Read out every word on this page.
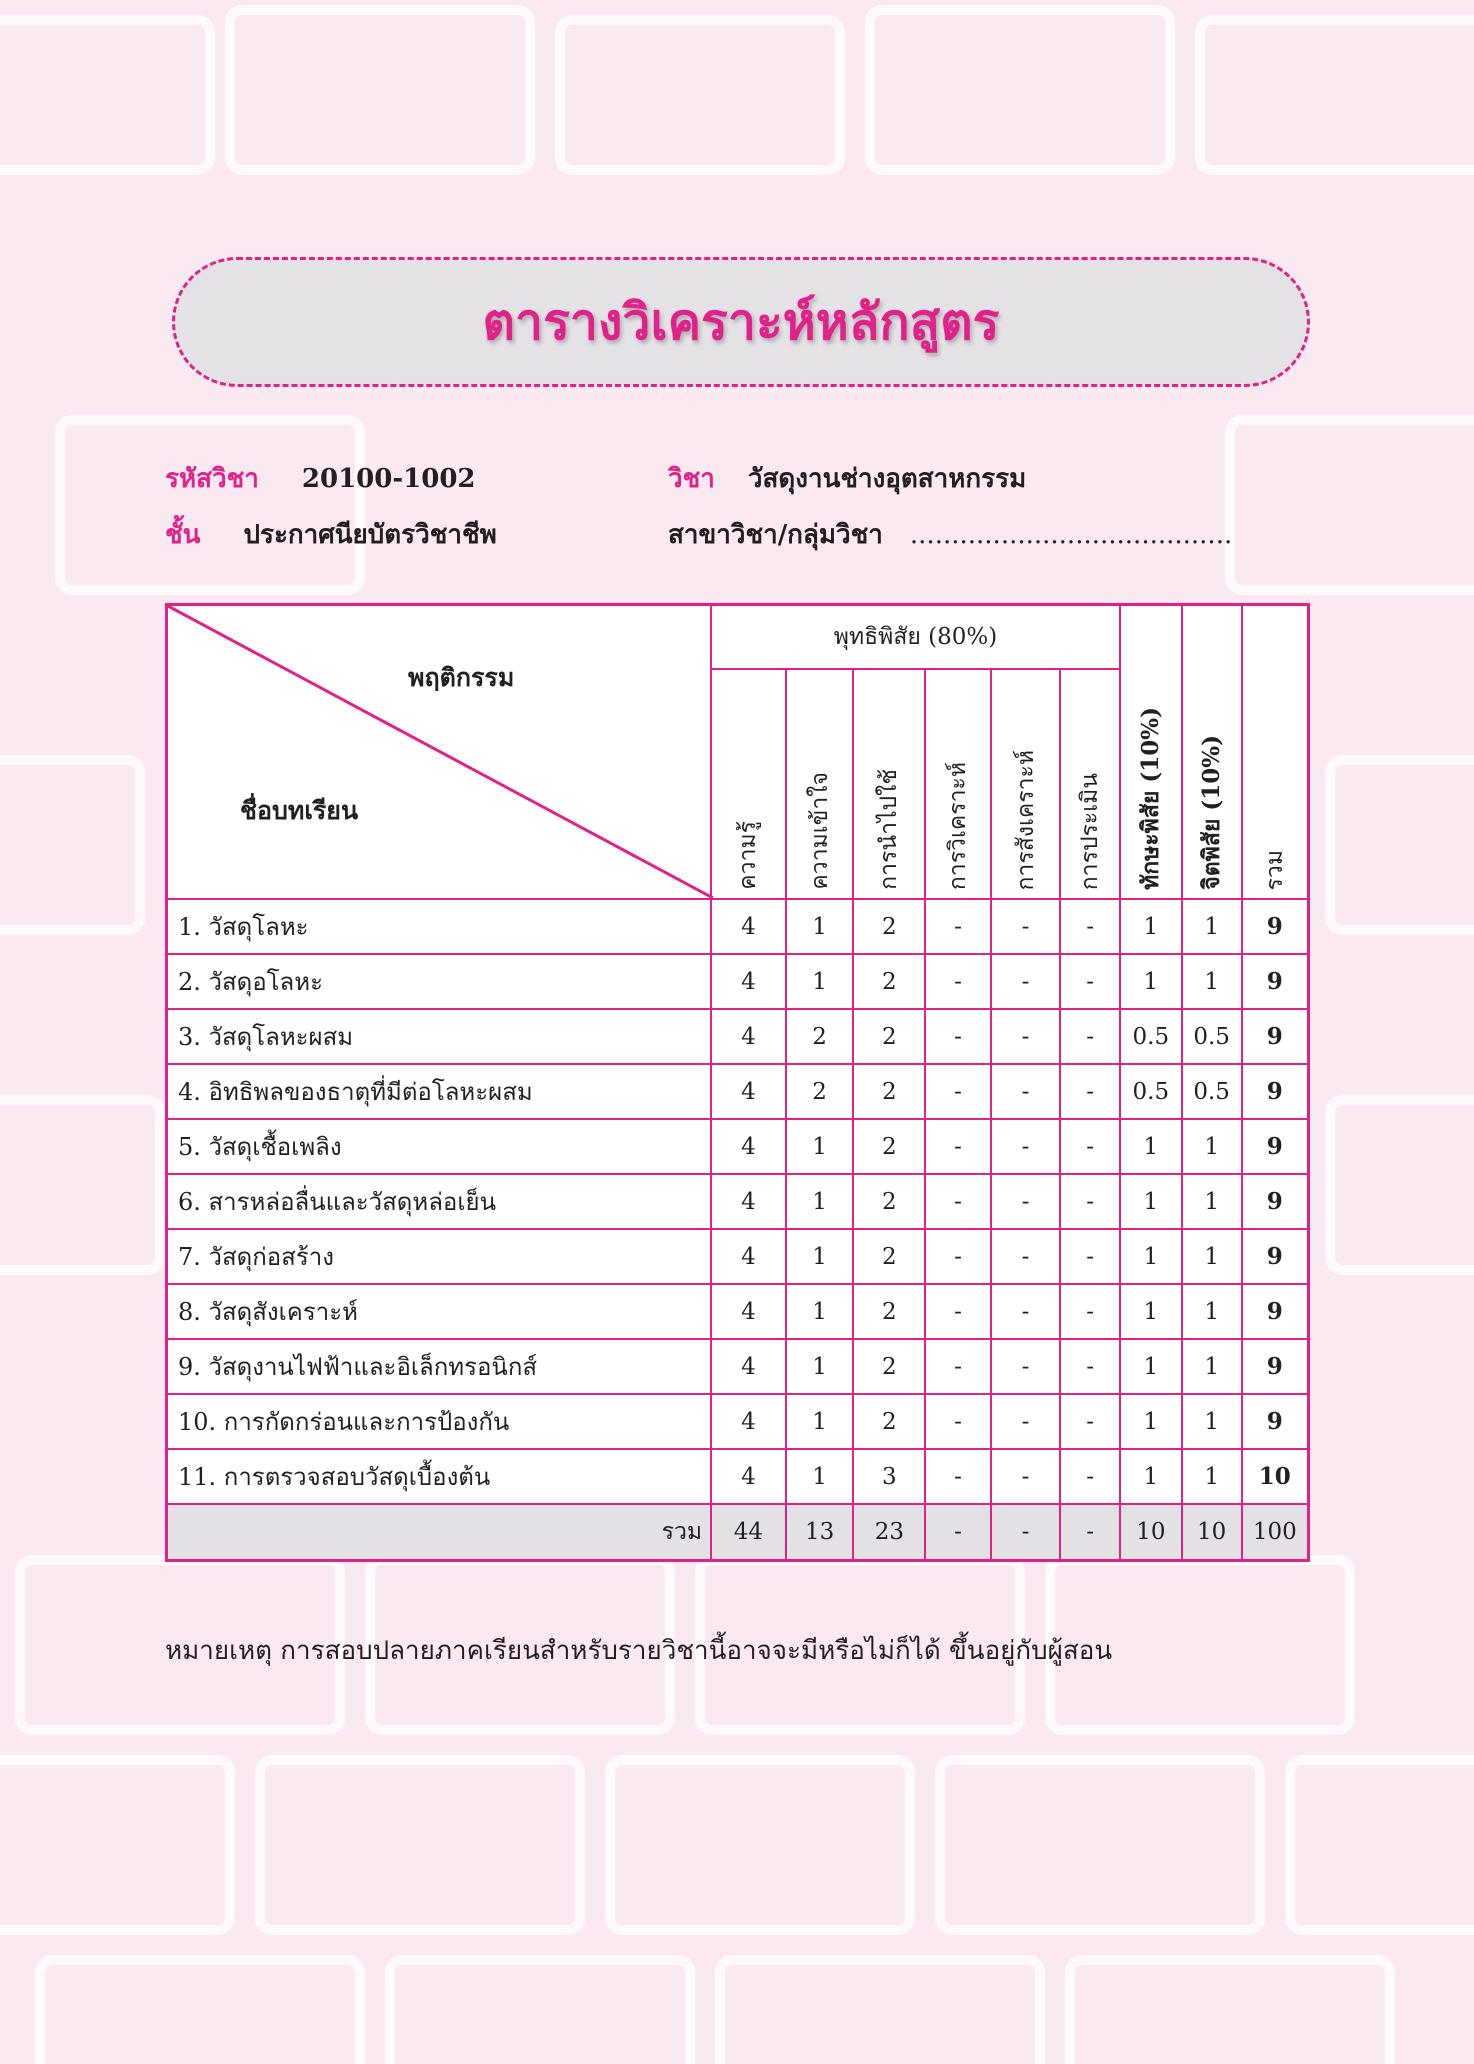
ตารางวิเคราะห์หลักสูตร
รหัสวิชา 20100-1002	วิชา วัสดุงานช่างอุตสาหกรรม
ชั้น ประกาศนียบัตรวิชาชีพ	สาขาวิชา/กลุ่มวิชา .......................................
พฤติกรรม
ชื่อบทเรียน	พุทธิพิสัย (80%)						ทักษะพิสัย (10%)	จิตพิสัย (10%)	รวม

	ความรู้	ความเข้าใจ	การนำไปใช้	การวิเคราะห์	การสังเคราะห์	การประเมิน			

1. วัสดุโลหะ	4	1	2	-	-	-	1	1	9
2. วัสดุอโลหะ	4	1	2	-	-	-	1	1	9
3. วัสดุโลหะผสม	4	2	2	-	-	-	0.5	0.5	9
4. อิทธิพลของธาตุที่มีต่อโลหะผสม	4	2	2	-	-	-	0.5	0.5	9
5. วัสดุเชื้อเพลิง	4	1	2	-	-	-	1	1	9
6. สารหล่อลื่นและวัสดุหล่อเย็น	4	1	2	-	-	-	1	1	9
7. วัสดุก่อสร้าง	4	1	2	-	-	-	1	1	9
8. วัสดุสังเคราะห์	4	1	2	-	-	-	1	1	9
9. วัสดุงานไฟฟ้าและอิเล็กทรอนิกส์	4	1	2	-	-	-	1	1	9
10. การกัดกร่อนและการป้องกัน	4	1	2	-	-	-	1	1	9
11. การตรวจสอบวัสดุเบื้องต้น	4	1	3	-	-	-	1	1	10
รวม	44	13	23	-	-	-	10	10	100
หมายเหตุ การสอบปลายภาคเรียนสำหรับรายวิชานี้อาจจะมีหรือไม่ก็ได้ ขึ้นอยู่กับผู้สอน
